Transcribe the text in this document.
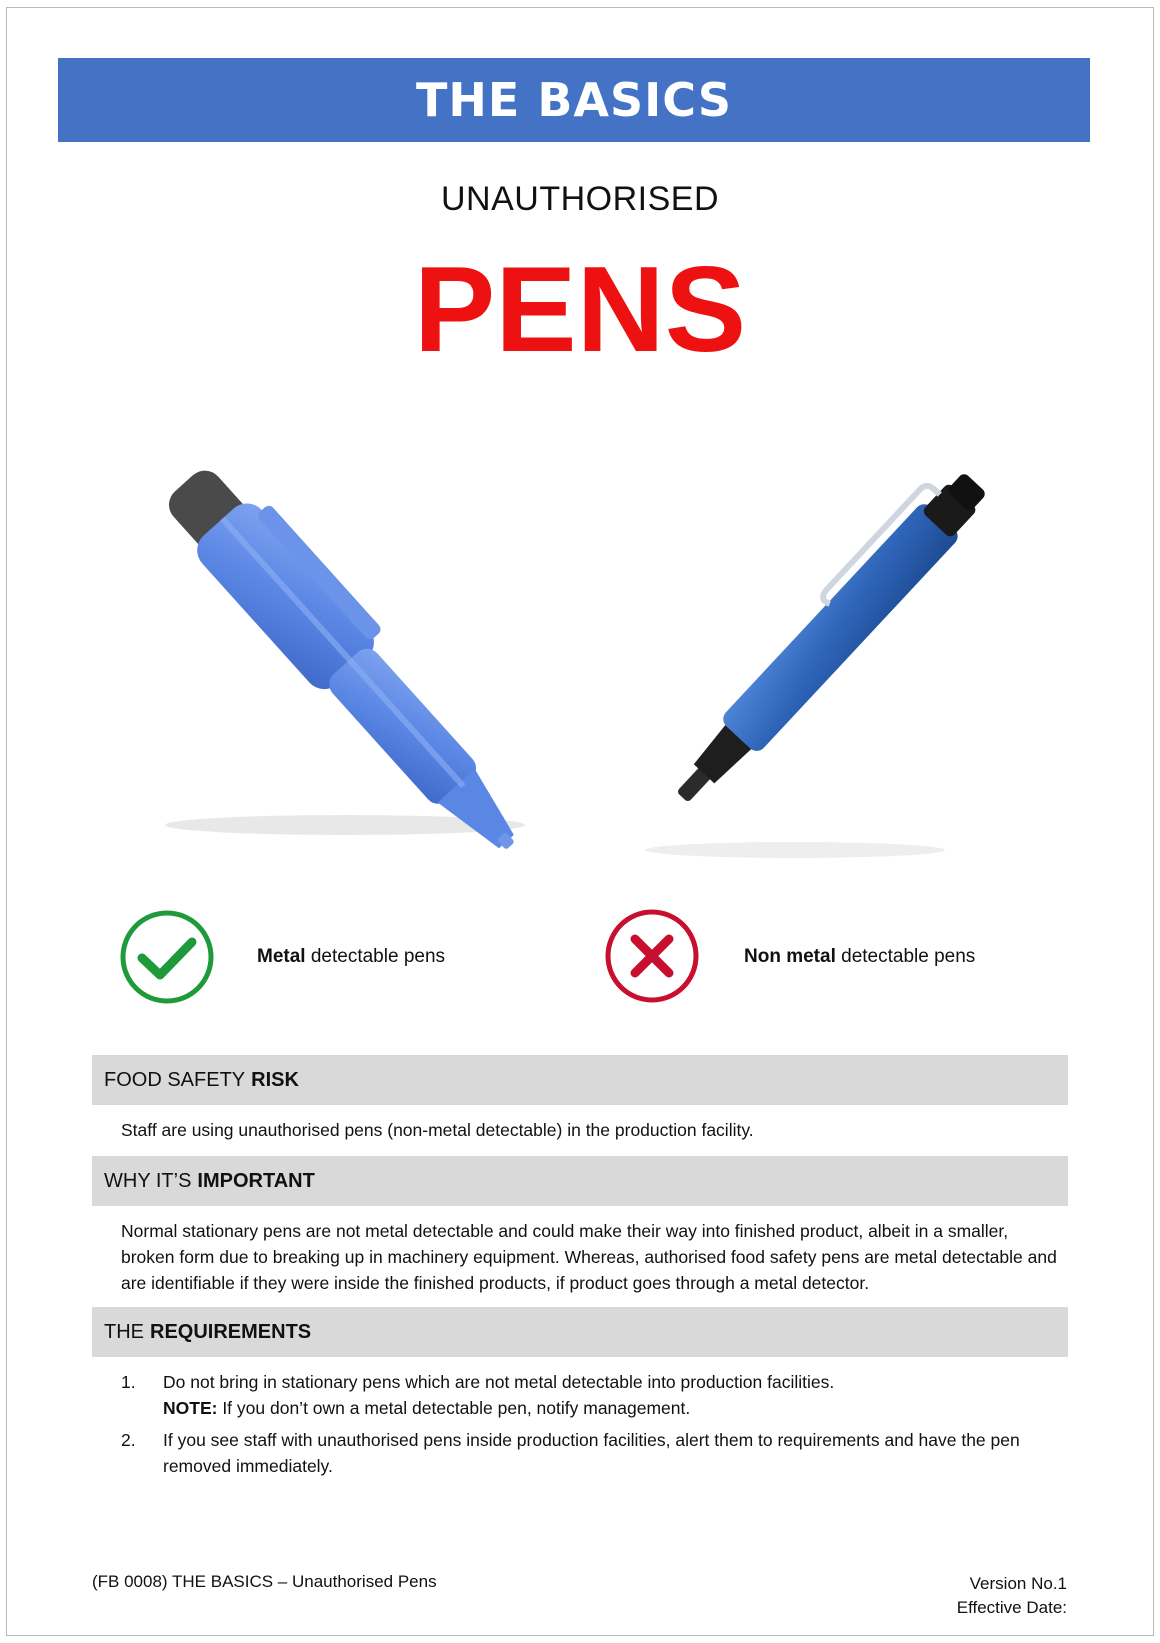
THE BASICS
UNAUTHORISED
PENS
Metal detectable pens	Non metal detectable pens
FOOD SAFETY RISK
Staff are using unauthorised pens (non-metal detectable) in the production facility.
WHY IT’S IMPORTANT
Normal stationary pens are not metal detectable and could make their way into finished product, albeit in a smaller, broken form due to breaking up in machinery equipment. Whereas, authorised food safety pens are metal detectable and are identifiable if they were inside the finished products, if product goes through a metal detector.
THE REQUIREMENTS
1.	Do not bring in stationary pens which are not metal detectable into production facilities.
NOTE: If you don’t own a metal detectable pen, notify management.
2.	If you see staff with unauthorised pens inside production facilities, alert them to requirements and have the pen removed immediately.
(FB 0008) THE BASICS – Unauthorised Pens	Version No.1
Effective Date:
